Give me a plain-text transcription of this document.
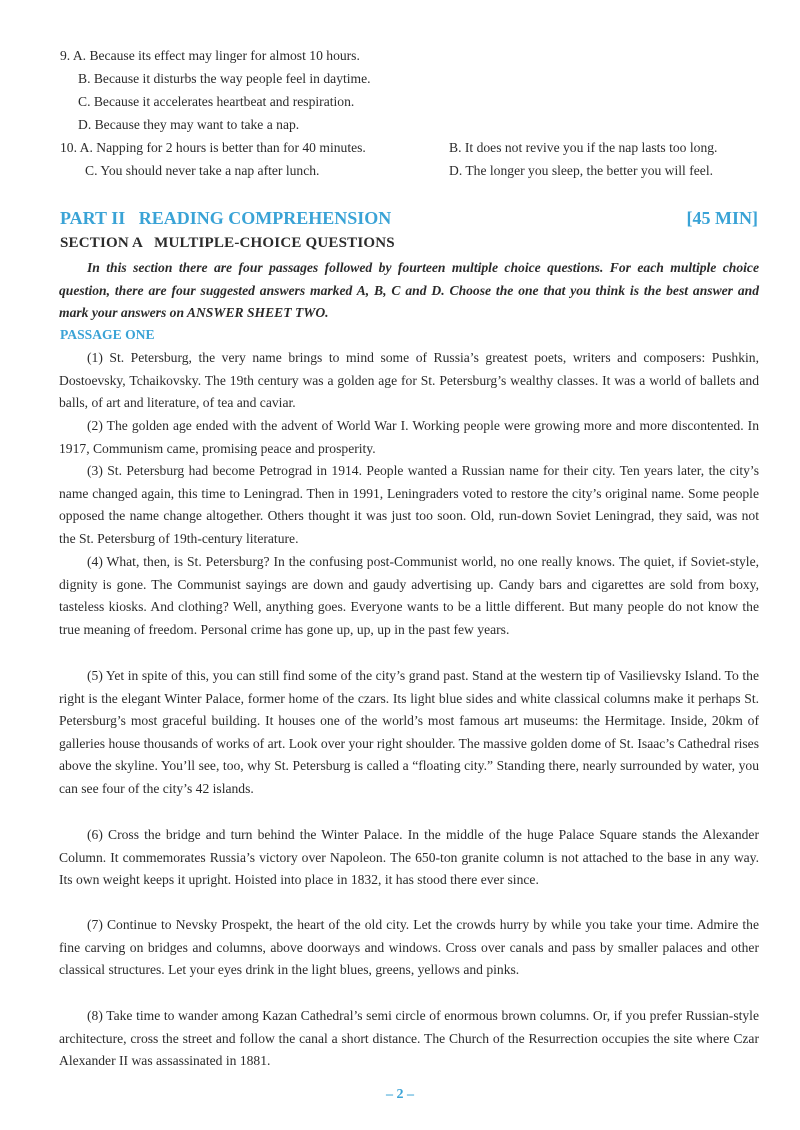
9. A. Because its effect may linger for almost 10 hours.
B. Because it disturbs the way people feel in daytime.
C. Because it accelerates heartbeat and respiration.
D. Because they may want to take a nap.
10. A. Napping for 2 hours is better than for 40 minutes.	B. It does not revive you if the nap lasts too long.
C. You should never take a nap after lunch.	D. The longer you sleep, the better you will feel.
PART II   READING COMPREHENSION	[45 MIN]
SECTION A   MULTIPLE-CHOICE QUESTIONS

In this section there are four passages followed by fourteen multiple choice questions. For each multiple choice question, there are four suggested answers marked A, B, C and D. Choose the one that you think is the best answer and mark your answers on ANSWER SHEET TWO.

PASSAGE ONE

(1) St. Petersburg, the very name brings to mind some of Russia’s greatest poets, writers and composers: Pushkin, Dostoevsky, Tchaikovsky. The 19th century was a golden age for St. Petersburg’s wealthy classes. It was a world of ballets and balls, of art and literature, of tea and caviar.

(2) The golden age ended with the advent of World War I. Working people were growing more and more discontented. In 1917, Communism came, promising peace and prosperity.

(3) St. Petersburg had become Petrograd in 1914. People wanted a Russian name for their city. Ten years later, the city’s name changed again, this time to Leningrad. Then in 1991, Leningraders voted to restore the city’s original name. Some people opposed the name change altogether. Others thought it was just too soon. Old, run-down Soviet Leningrad, they said, was not the St. Petersburg of 19th-century literature.

(4) What, then, is St. Petersburg? In the confusing post-Communist world, no one really knows. The quiet, if Soviet-style, dignity is gone. The Communist sayings are down and gaudy advertising up. Candy bars and cigarettes are sold from boxy, tasteless kiosks. And clothing? Well, anything goes. Everyone wants to be a little different. But many people do not know the true meaning of freedom. Personal crime has gone up, up, up in the past few years.

(5) Yet in spite of this, you can still find some of the city’s grand past. Stand at the western tip of Vasilievsky Island. To the right is the elegant Winter Palace, former home of the czars. Its light blue sides and white classical columns make it perhaps St. Petersburg’s most graceful building. It houses one of the world’s most famous art museums: the Hermitage. Inside, 20km of galleries house thousands of works of art. Look over your right shoulder. The massive golden dome of St. Isaac’s Cathedral rises above the skyline. You’ll see, too, why St. Petersburg is called a “floating city.” Standing there, nearly surrounded by water, you can see four of the city’s 42 islands.

(6) Cross the bridge and turn behind the Winter Palace. In the middle of the huge Palace Square stands the Alexander Column. It commemorates Russia’s victory over Napoleon. The 650-ton granite column is not attached to the base in any way. Its own weight keeps it upright. Hoisted into place in 1832, it has stood there ever since.

(7) Continue to Nevsky Prospekt, the heart of the old city. Let the crowds hurry by while you take your time. Admire the fine carving on bridges and columns, above doorways and windows. Cross over canals and pass by smaller palaces and other classical structures. Let your eyes drink in the light blues, greens, yellows and pinks.

(8) Take time to wander among Kazan Cathedral’s semi circle of enormous brown columns. Or, if you prefer Russian-style architecture, cross the street and follow the canal a short distance. The Church of the Resurrection occupies the site where Czar Alexander II was assassinated in 1881.

– 2 –
